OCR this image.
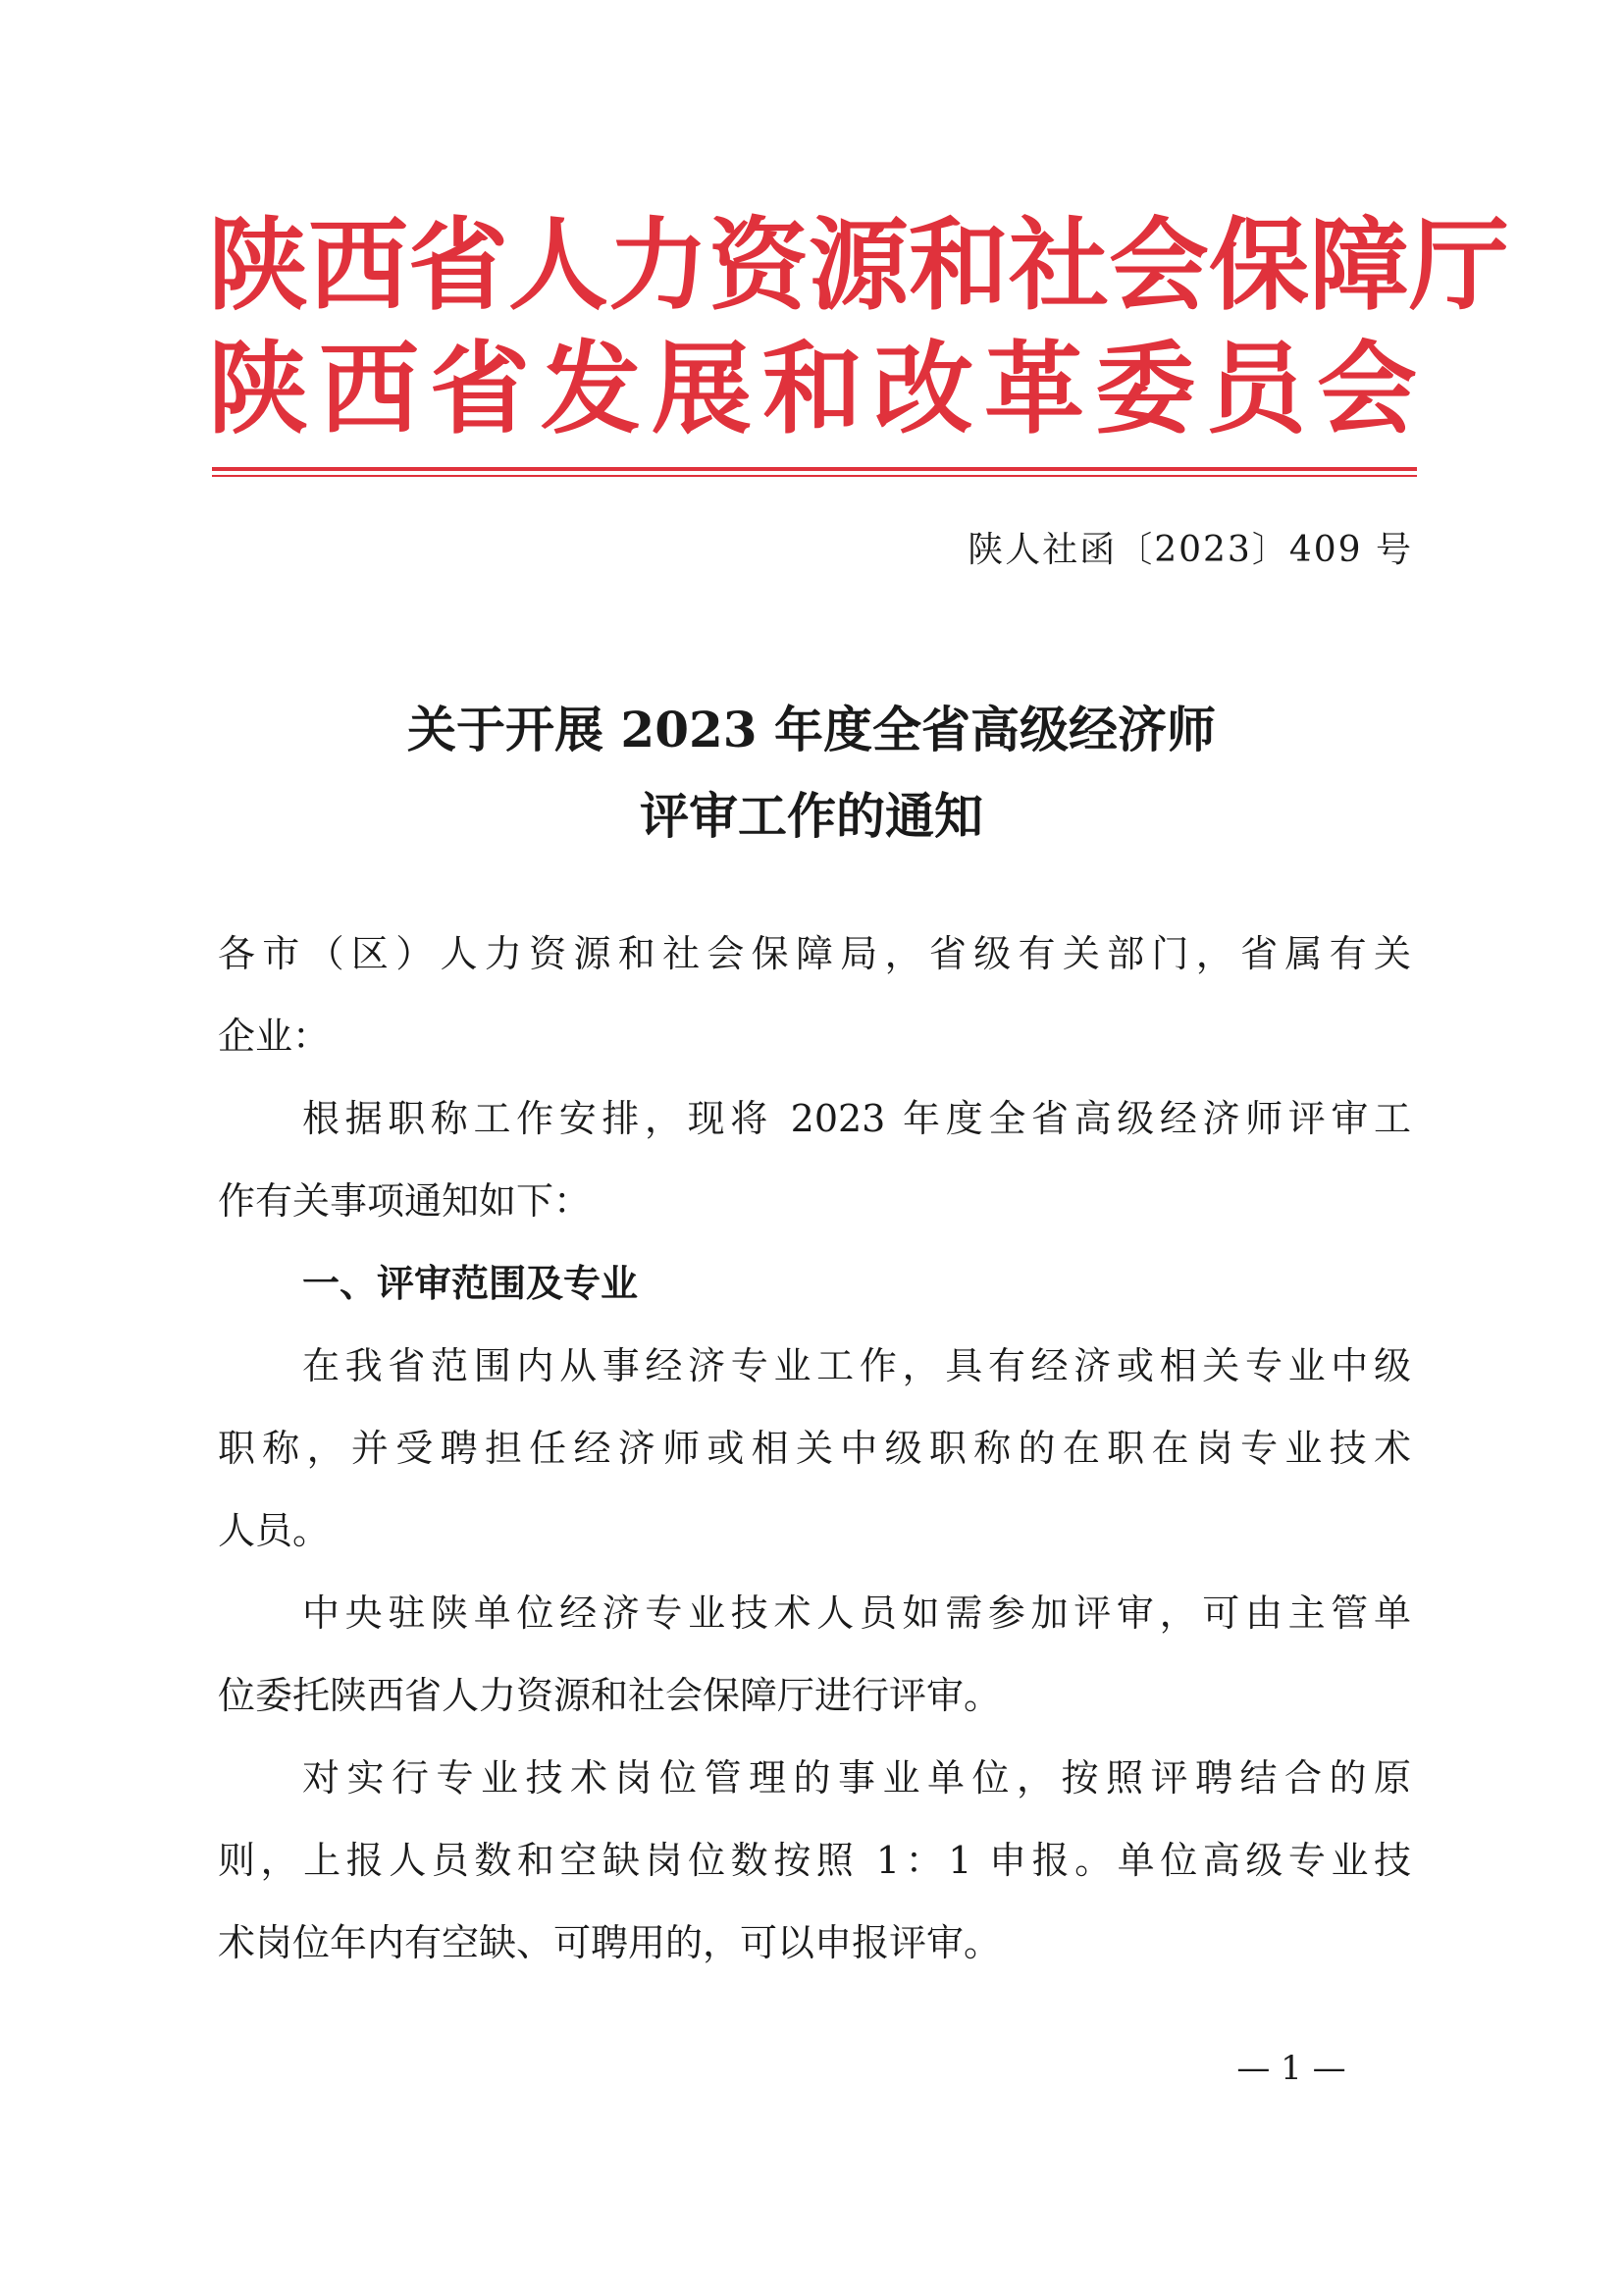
陕 西 省 人 力 资 源 和 社 会 保 障 厅
陕 西 省 发 展 和 改 革 委 员 会
陕人社函〔2023〕409 号
关于开展 2023 年度全省高级经济师
评审工作的通知
各市（区）人力资源和社会保障局，省级有关部门，省属有关
企业：
根据职称工作安排，现将 2023 年度全省高级经济师评审工
作有关事项通知如下：
一、评审范围及专业
在我省范围内从事经济专业工作，具有经济或相关专业中级
职称，并受聘担任经济师或相关中级职称的在职在岗专业技术
人员。
中央驻陕单位经济专业技术人员如需参加评审，可由主管单
位委托陕西省人力资源和社会保障厅进行评审。
对实行专业技术岗位管理的事业单位，按照评聘结合的原
则，上报人员数和空缺岗位数按照 1：1 申报。单位高级专业技
术岗位年内有空缺、可聘用的，可以申报评审。
— 1 —
